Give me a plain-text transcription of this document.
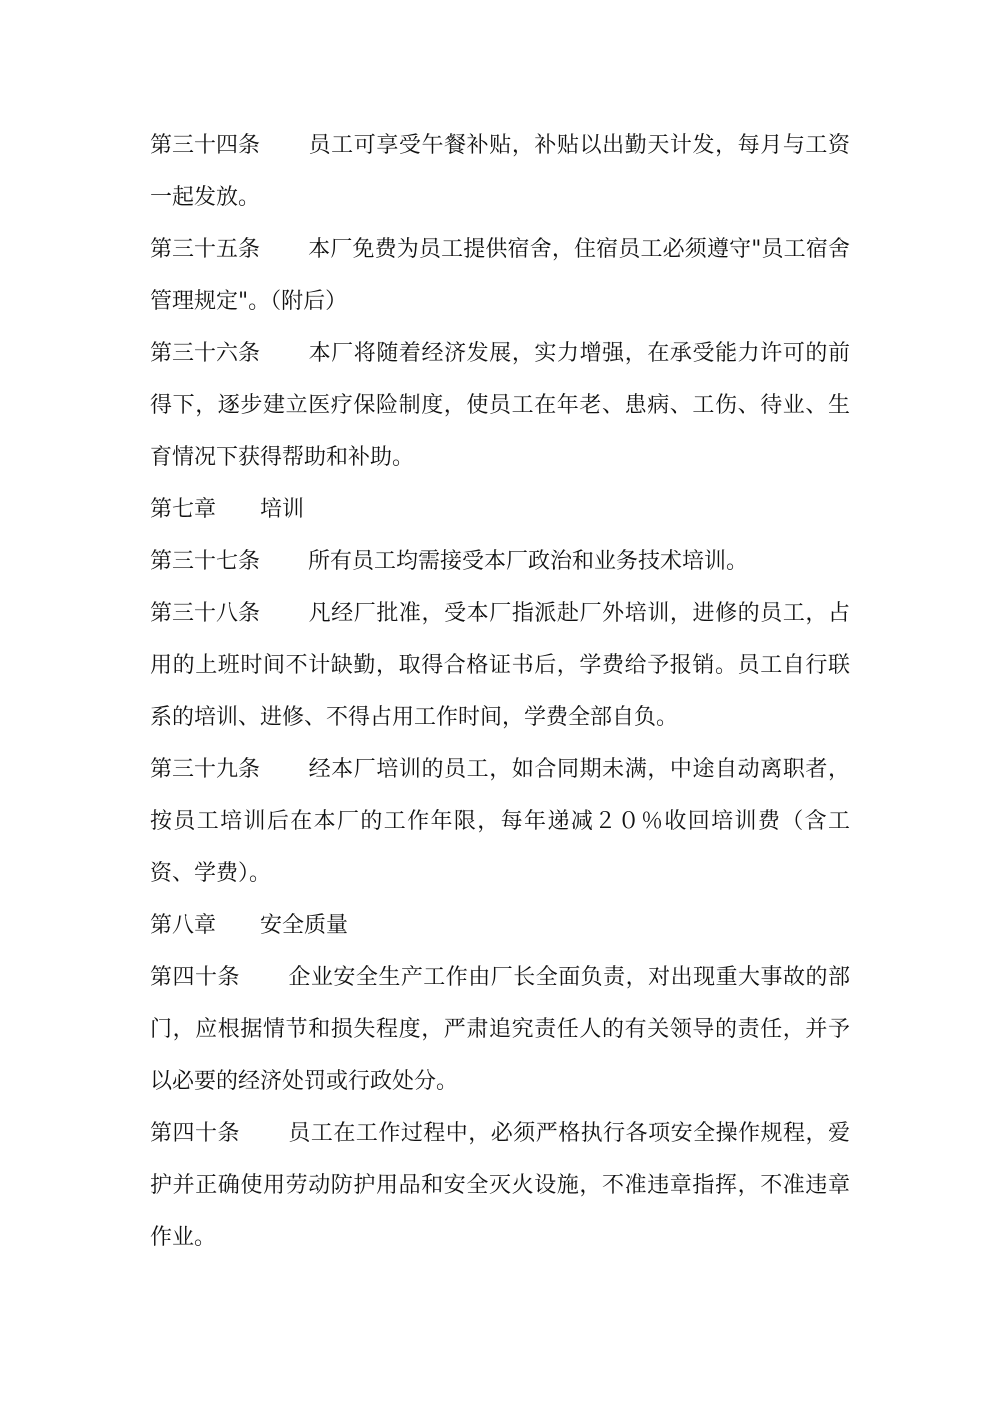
第三十四条 员工可享受午餐补贴，补贴以出勤天计发，每月与工资一起发放。

第三十五条 本厂免费为员工提供宿舍，住宿员工必须遵守"员工宿舍管理规定"。（附后）

第三十六条 本厂将随着经济发展，实力增强，在承受能力许可的前得下，逐步建立医疗保险制度，使员工在年老、患病、工伤、待业、生育情况下获得帮助和补助。

第七章 培训

第三十七条 所有员工均需接受本厂政治和业务技术培训。

第三十八条 凡经厂批准，受本厂指派赴厂外培训，进修的员工，占用的上班时间不计缺勤，取得合格证书后，学费给予报销。员工自行联系的培训、进修、不得占用工作时间，学费全部自负。

第三十九条 经本厂培训的员工，如合同期未满，中途自动离职者，按员工培训后在本厂的工作年限，每年递减２０％收回培训费（含工资、学费）。

第八章 安全质量

第四十条 企业安全生产工作由厂长全面负责，对出现重大事故的部门，应根据情节和损失程度，严肃追究责任人的有关领导的责任，并予以必要的经济处罚或行政处分。

第四十条 员工在工作过程中，必须严格执行各项安全操作规程，爱护并正确使用劳动防护用品和安全灭火设施，不准违章指挥，不准违章作业。
